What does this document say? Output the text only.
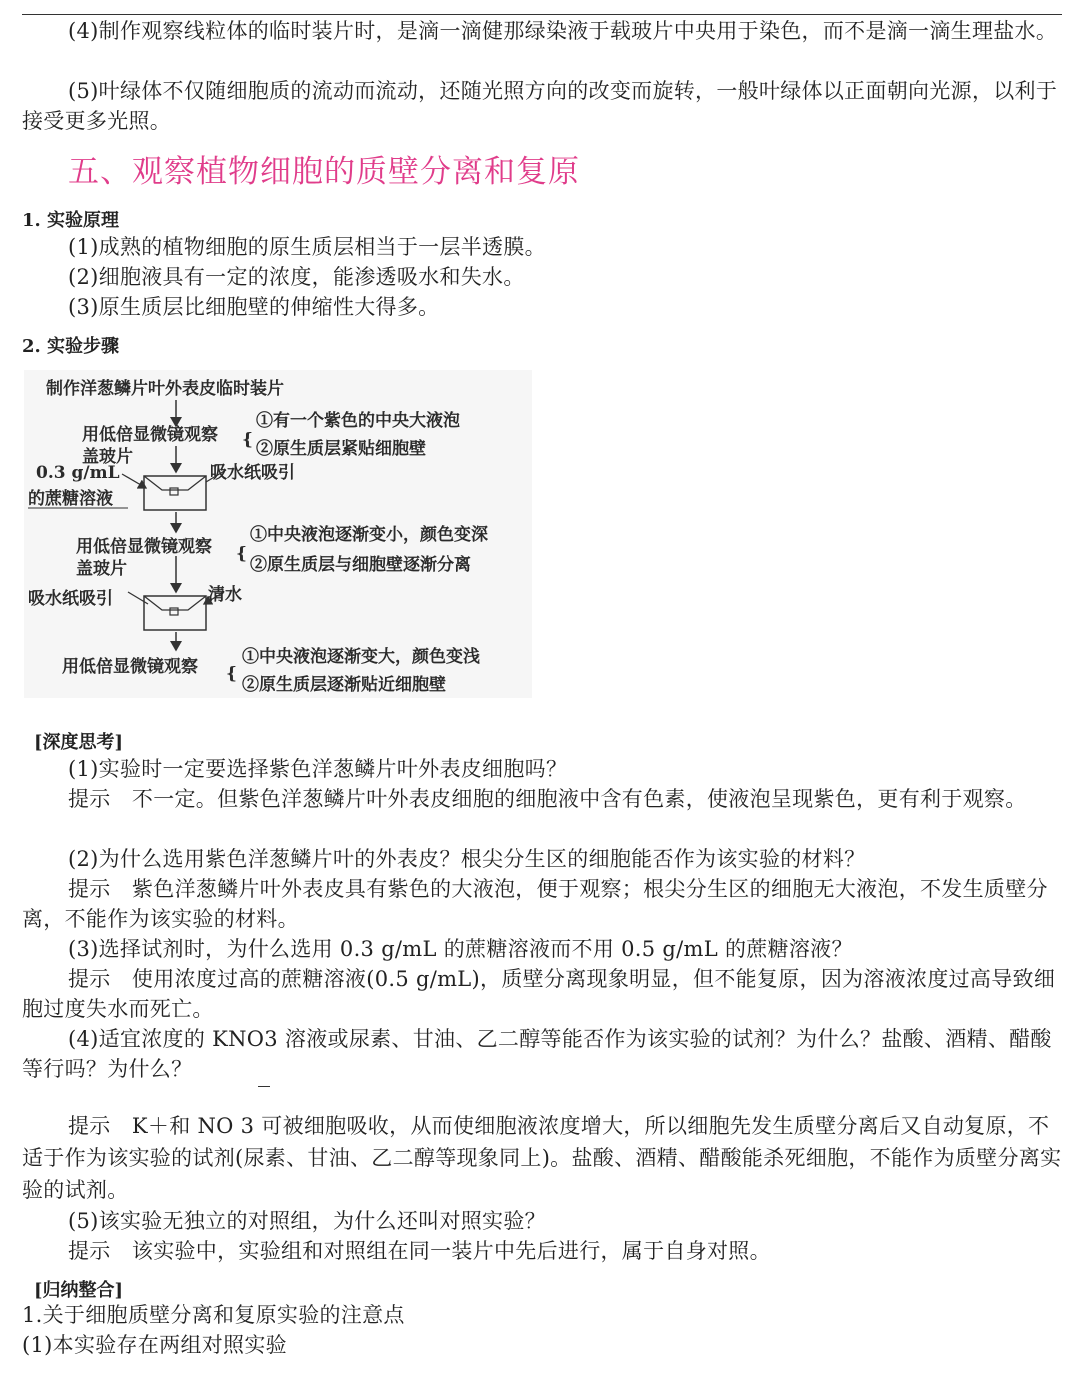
(4)制作观察线粒体的临时装片时，是滴一滴健那绿染液于载玻片中央用于染色，而不是滴一滴生理盐水。

(5)叶绿体不仅随细胞质的流动而流动，还随光照方向的改变而旋转，一般叶绿体以正面朝向光源，以利于接受更多光照。

五、观察植物细胞的质壁分离和复原
1. 实验原理

(1)成熟的植物细胞的原生质层相当于一层半透膜。

(2)细胞液具有一定的浓度，能渗透吸水和失水。

(3)原生质层比细胞壁的伸缩性大得多。

2. 实验步骤
制作洋葱鳞片叶外表皮临时装片
用低倍显微镜观察 {
①有一个紫色的中央大液泡
②原生质层紧贴细胞壁
盖玻片
0.3 g/mL
的蔗糖溶液
吸水纸吸引
用低倍显微镜观察 {
①中央液泡逐渐变小，颜色变深
②原生质层与细胞壁逐渐分离
盖玻片
吸水纸吸引	清水
用低倍显微镜观察 {
①中央液泡逐渐变大，颜色变浅
②原生质层逐渐贴近细胞壁
[深度思考]

(1)实验时一定要选择紫色洋葱鳞片叶外表皮细胞吗？

提示　不一定。但紫色洋葱鳞片叶外表皮细胞的细胞液中含有色素，使液泡呈现紫色，更有利于观察。

(2)为什么选用紫色洋葱鳞片叶的外表皮？根尖分生区的细胞能否作为该实验的材料？

提示　紫色洋葱鳞片叶外表皮具有紫色的大液泡，便于观察；根尖分生区的细胞无大液泡，不发生质壁分离，不能作为该实验的材料。

(3)选择试剂时，为什么选用 0.3 g/mL 的蔗糖溶液而不用 0.5 g/mL 的蔗糖溶液？

提示　使用浓度过高的蔗糖溶液(0.5 g/mL)，质壁分离现象明显，但不能复原，因为溶液浓度过高导致细胞过度失水而死亡。

(4)适宜浓度的 KNO3 溶液或尿素、甘油、乙二醇等能否作为该实验的试剂？为什么？盐酸、酒精、醋酸等行吗？为什么？

提示　K＋和 NO 3 可被细胞吸收，从而使细胞液浓度增大，所以细胞先发生质壁分离后又自动复原，不适于作为该实验的试剂(尿素、甘油、乙二醇等现象同上)。盐酸、酒精、醋酸能杀死细胞，不能作为质壁分离实验的试剂。

(5)该实验无独立的对照组，为什么还叫对照实验？

提示　该实验中，实验组和对照组在同一装片中先后进行，属于自身对照。

[归纳整合]

1.关于细胞质壁分离和复原实验的注意点

(1)本实验存在两组对照实验
